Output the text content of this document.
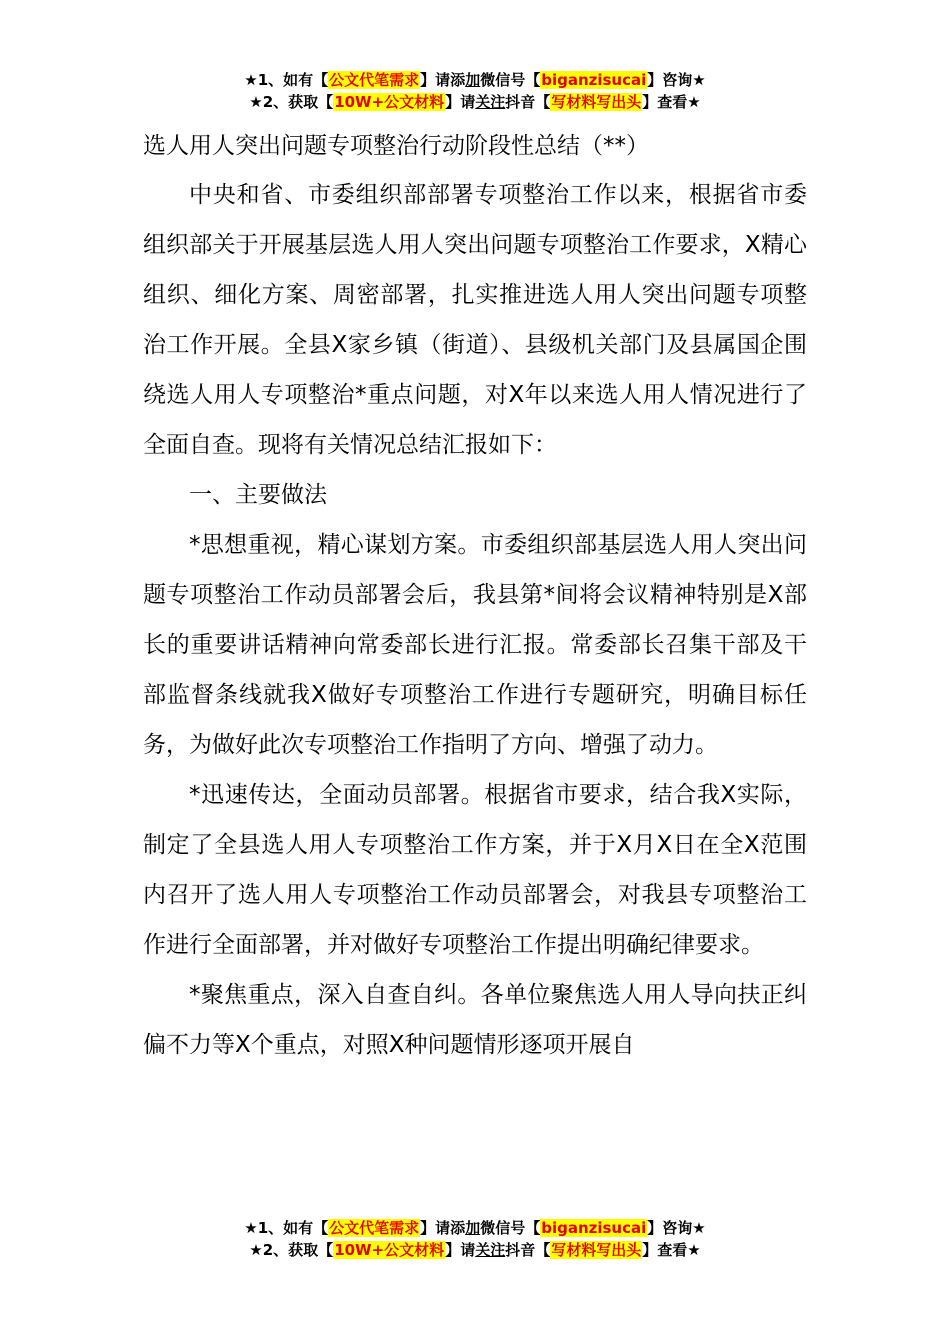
★1、如有【公文代笔需求】请添加微信号【biganzisucai】咨询★
★2、获取【10W+公文材料】请关注抖音【写材料写出头】查看★
选人用人突出问题专项整治行动阶段性总结（**）

中央和省、市委组织部部署专项整治工作以来，根据省市委组织部关于开展基层选人用人突出问题专项整治工作要求，X精心组织、细化方案、周密部署，扎实推进选人用人突出问题专项整治工作开展。全县X家乡镇（街道）、县级机关部门及县属国企围绕选人用人专项整治*重点问题，对X年以来选人用人情况进行了全面自查。现将有关情况总结汇报如下：

一、主要做法

*思想重视，精心谋划方案。市委组织部基层选人用人突出问题专项整治工作动员部署会后，我县第*间将会议精神特别是X部长的重要讲话精神向常委部长进行汇报。常委部长召集干部及干部监督条线就我X做好专项整治工作进行专题研究，明确目标任务，为做好此次专项整治工作指明了方向、增强了动力。

*迅速传达，全面动员部署。根据省市要求，结合我X实际，制定了全县选人用人专项整治工作方案，并于X月X日在全X范围内召开了选人用人专项整治工作动员部署会，对我县专项整治工作进行全面部署，并对做好专项整治工作提出明确纪律要求。

*聚焦重点，深入自查自纠。各单位聚焦选人用人导向扶正纠偏不力等X个重点，对照X种问题情形逐项开展自

★1、如有【公文代笔需求】请添加微信号【biganzisucai】咨询★
★2、获取【10W+公文材料】请关注抖音【写材料写出头】查看★
